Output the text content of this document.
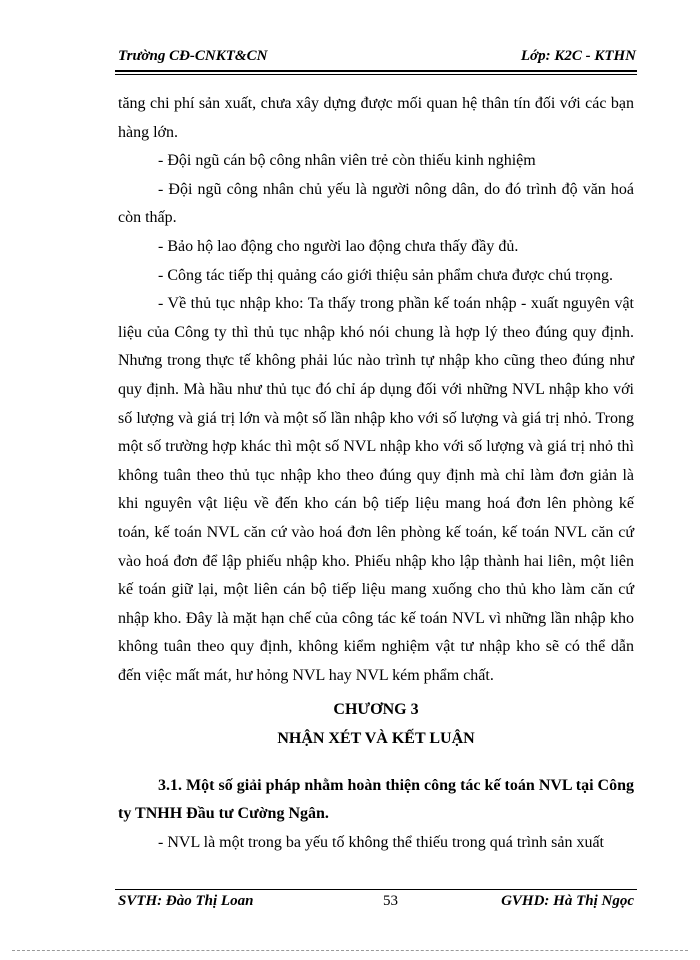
Trường CĐ-CNKT&CN	Lớp: K2C - KTHN

tăng chi phí sản xuất, chưa xây dựng được mối quan hệ thân tín đối với các bạn hàng lớn.

- Đội ngũ cán bộ công nhân viên trẻ còn thiếu kinh nghiệm

- Đội ngũ công nhân chủ yếu là người nông dân, do đó trình độ văn hoá còn thấp.

- Bảo hộ lao động cho người lao động chưa thấy đầy đủ.

- Công tác tiếp thị quảng cáo giới thiệu sản phẩm chưa được chú trọng.

- Về thủ tục nhập kho: Ta thấy trong phần kế toán nhập - xuất nguyên vật liệu của Công ty thì thủ tục nhập khó nói chung là hợp lý theo đúng quy định. Nhưng trong thực tế không phải lúc nào trình tự nhập kho cũng theo đúng như quy định. Mà hầu như thủ tục đó chỉ áp dụng đối với những NVL nhập kho với số lượng và giá trị lớn và một số lần nhập kho với số lượng và giá trị nhỏ. Trong một số trường hợp khác thì một số NVL nhập kho với số lượng và giá trị nhỏ thì không tuân theo thủ tục nhập kho theo đúng quy định mà chỉ làm đơn giản là khi nguyên vật liệu về đến kho cán bộ tiếp liệu mang hoá đơn lên phòng kế toán, kế toán NVL căn cứ vào hoá đơn lên phòng kế toán, kế toán NVL căn cứ vào hoá đơn để lập phiếu nhập kho. Phiếu nhập kho lập thành hai liên, một liên kế toán giữ lại, một liên cán bộ tiếp liệu mang xuống cho thủ kho làm căn cứ nhập kho. Đây là mặt hạn chế của công tác kế toán NVL vì những lần nhập kho không tuân theo quy định, không kiểm nghiệm vật tư nhập kho sẽ có thể dẫn đến việc mất mát, hư hỏng NVL hay NVL kém phẩm chất.

CHƯƠNG 3

NHẬN XÉT VÀ KẾT LUẬN

3.1. Một số giải pháp nhằm hoàn thiện công tác kế toán NVL tại Công ty TNHH Đầu tư Cường Ngân.

- NVL là một trong ba yếu tố không thể thiếu trong quá trình sản xuất

SVTH: Đào Thị Loan	53	GVHD: Hà Thị Ngọc
